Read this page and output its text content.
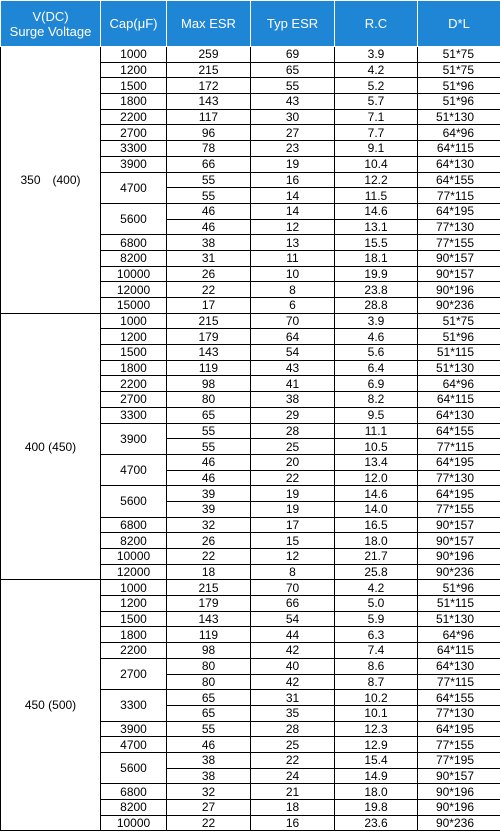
V(DC)
Surge Voltage	Cap(μF)	Max ESR	Typ ESR	R.C	D*L
350　(400)	1000	259	69	3.9	51*75
	1200	215	65	4.2	51*75
	1500	172	55	5.2	51*96
	1800	143	43	5.7	51*96
	2200	117	30	7.1	51*130
	2700	96	27	7.7	64*96
	3300	78	23	9.1	64*115
	3900	66	19	10.4	64*130
	4700	55	16	12.2	64*155
		55	14	11.5	77*115
	5600	46	14	14.6	64*195
		46	12	13.1	77*130
	6800	38	13	15.5	77*155
	8200	31	11	18.1	90*157
	10000	26	10	19.9	90*157
	12000	22	8	23.8	90*196
	15000	17	6	28.8	90*236
400 (450)	1000	215	70	3.9	51*75
	1200	179	64	4.6	51*96
	1500	143	54	5.6	51*115
	1800	119	43	6.4	51*130
	2200	98	41	6.9	64*96
	2700	80	38	8.2	64*115
	3300	65	29	9.5	64*130
	3900	55	28	11.1	64*155
		55	25	10.5	77*115
	4700	46	20	13.4	64*195
		46	22	12.0	77*130
	5600	39	19	14.6	64*195
		39	19	14.0	77*155
	6800	32	17	16.5	90*157
	8200	26	15	18.0	90*157
	10000	22	12	21.7	90*196
	12000	18	8	25.8	90*236
450 (500)	1000	215	70	4.2	51*96
	1200	179	66	5.0	51*115
	1500	143	54	5.9	51*130
	1800	119	44	6.3	64*96
	2200	98	42	7.4	64*115
	2700	80	40	8.6	64*130
		80	42	8.7	77*115
	3300	65	31	10.2	64*155
		65	35	10.1	77*130
	3900	55	28	12.3	64*195
	4700	46	25	12.9	77*155
	5600	38	22	15.4	77*195
		38	24	14.9	90*157
	6800	32	21	18.0	90*196
	8200	27	18	19.8	90*196
	10000	22	16	23.6	90*236
